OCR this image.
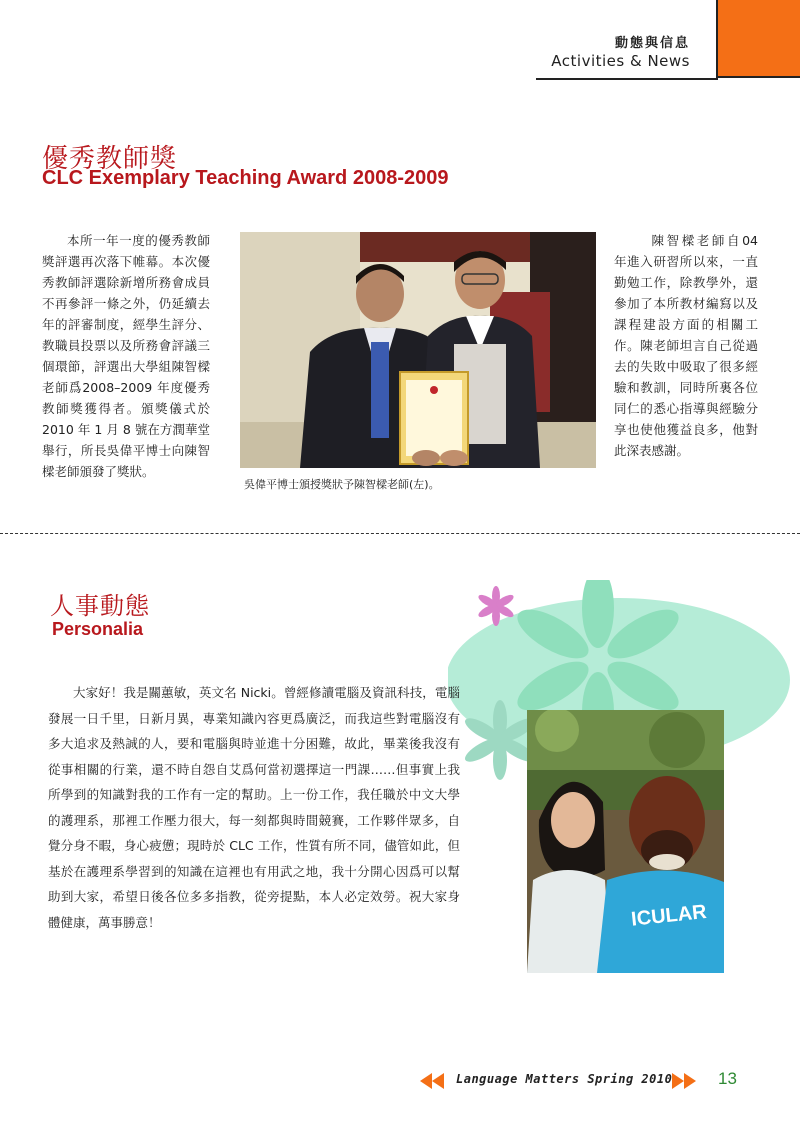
動態與信息
Activities & News
優秀教師獎
CLC Exemplary Teaching Award 2008-2009
本所一年一度的優秀教師獎評選再次落下帷幕。本次優秀教師評選除新增所務會成員不再參評一條之外，仍延續去年的評審制度，經學生評分、教職員投票以及所務會評議三個環節，評選出大學組陳智樑老師爲2008–2009 年度優秀教師獎獲得者。頒獎儀式於 2010 年 1 月 8 號在方潤華堂舉行，所長吳偉平博士向陳智樑老師頒發了獎狀。
吳偉平博士頒授獎狀予陳智樑老師(左)。
陳智樑老師自04 年進入研習所以來，一直勤勉工作，除教學外，還參加了本所教材編寫以及課程建設方面的相關工作。陳老師坦言自己從過去的失敗中吸取了很多經驗和教訓，同時所裏各位同仁的悉心指導與經驗分享也使他獲益良多，他對此深表感謝。
人事動態
Personalia
大家好！我是關蕙敏，英文名 Nicki。曾經修讀電腦及資訊科技，電腦發展一日千里，日新月異，專業知識內容更爲廣泛，而我這些對電腦沒有多大追求及熱誠的人，要和電腦與時並進十分困難，故此，畢業後我沒有從事相關的行業，還不時自怨自艾爲何當初選擇這一門課……但事實上我所學到的知識對我的工作有一定的幫助。上一份工作，我任職於中文大學的護理系，那裡工作壓力很大，每一刻都與時間競賽，工作夥伴眾多，自覺分身不暇，身心疲憊；現時於 CLC 工作，性質有所不同，儘管如此，但基於在護理系學習到的知識在這裡也有用武之地，我十分開心因爲可以幫助到大家，希望日後各位多多指教，從旁提點，本人必定效勞。祝大家身體健康，萬事勝意！	ICULAR
Language Matters Spring 2010	13
